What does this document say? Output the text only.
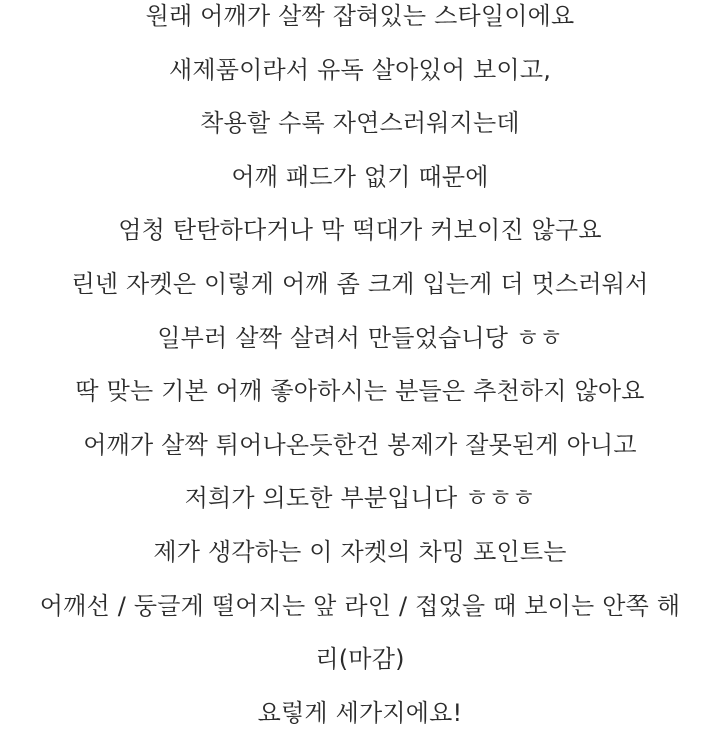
원래 어깨가 살짝 잡혀있는 스타일이에요
새제품이라서 유독 살아있어 보이고,
착용할 수록 자연스러워지는데
어깨 패드가 없기 때문에
엄청 탄탄하다거나 막 떡대가 커보이진 않구요
린넨 자켓은 이렇게 어깨 좀 크게 입는게 더 멋스러워서
일부러 살짝 살려서 만들었습니당 ㅎㅎ
딱 맞는 기본 어깨 좋아하시는 분들은 추천하지 않아요
어깨가 살짝 튀어나온듯한건 봉제가 잘못된게 아니고
저희가 의도한 부분입니다 ㅎㅎㅎ
제가 생각하는 이 자켓의 차밍 포인트는
어깨선 / 둥글게 떨어지는 앞 라인 / 접었을 때 보이는 안쪽 해
리(마감)
요렇게 세가지에요!
